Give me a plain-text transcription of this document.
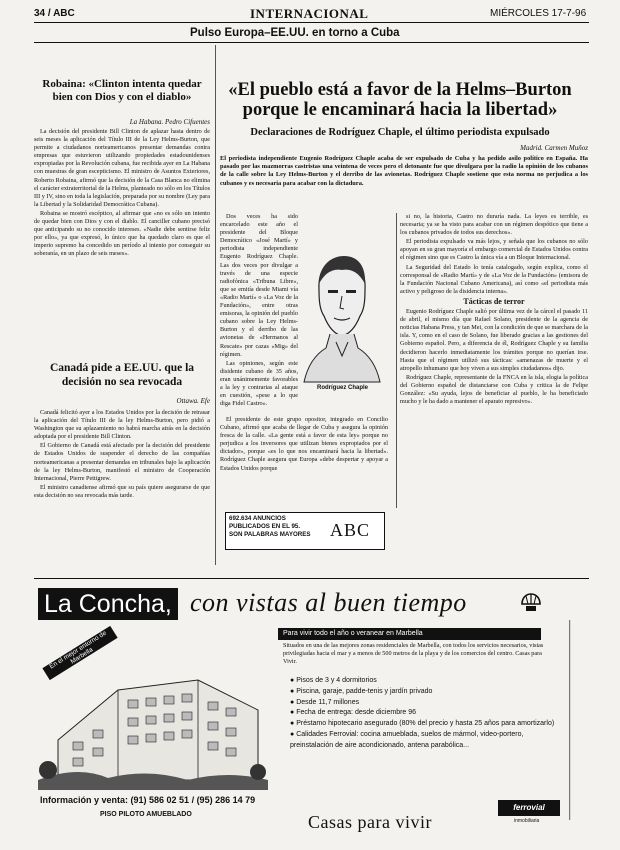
34 / ABC	INTERNACIONAL	MIÉRCOLES 17-7-96
Pulso Europa–EE.UU. en torno a Cuba
Robaina: «Clinton intenta quedar bien con Dios y con el diablo»
La Habana. Pedro Cifuentes

La decisión del presidente Bill Clinton de aplazar hasta dentro de seis meses la aplicación del Título III de la Ley Helms-Burton, que permite a ciudadanos norteamericanos presentar demandas contra empresas que estuvieron utilizando propiedades estadounidenses expropiadas por la Revolución cubana, fue recibida ayer en La Habana con muestras de gran escepticismo. El ministro de Asuntos Exteriores, Roberto Robaina, afirmó que la decisión de la Casa Blanca no elimina el carácter extraterritorial de la Helms, planteado no sólo en los Títulos III y IV, sino en toda la legislación, preparada por su nombre (Ley para la Libertad y la Solidaridad Democrática Cubana).

Robaina se mostró escéptico, al afirmar que «no es sólo un intento de quedar bien con Dios y con el diablo. El canciller cubano precisó que anticipando su no conocido intereses. «Nadie debe sentirse feliz por ello», ya que expresó, lo único que ha quedado claro es que el imperio supremo ha concedido un período al intento por conseguir su soberanía, en un plazo de seis meses».

Canadá pide a EE.UU. que la decisión no sea revocada
Ottawa. Efe

Canadá felicitó ayer a los Estados Unidos por la decisión de retrasar la aplicación del Título III de la ley Helms-Burton, pero pidió a Washington que su aplazamiento no habrá marcha atrás en la decisión adoptada por el presidente Bill Clinton.

El Gobierno de Canadá está afectado por la decisión del presidente de Estados Unidos de suspender el derecho de las compañías norteamericanas a presentar demandas en tribunales bajo la aplicación de la ley Helms-Burton, manifestó el ministro de Cooperación Internacional, Pierre Pettigrew.

El ministro canadiense afirmó que su país quiere asegurarse de que esta decisión no sea revocada más tarde.

«El pueblo está a favor de la Helms–Burton porque le encaminará hacia la libertad»
Declaraciones de Rodríguez Chaple, el último periodista expulsado
Madrid. Carmen Muñoz
El periodista independiente Eugenio Rodríguez Chaple acaba de ser expulsado de Cuba y ha pedido asilo político en España. Ha pasado por las mazmorras castristas una veintena de veces pero el detonante fue que divulgara por la radio la opinión de los cubanos de la calle sobre la Ley Helms-Burton y el derribo de las avionetas. Rodríguez Chaple sostiene que esta norma no perjudica a los cubanos y es necesaria para acabar con la dictadura.

Dos veces ha sido encarcelado este año el presidente del Bloque Democrático «José Martí» y periodista independiente Eugenio Rodríguez Chaple. Las dos veces por divulgar a través de una especie radiofónica «Tribuna Libre», que se emitía desde Miami vía «Radio Martí» o «La Voz de la Fundación», entre otras emisoras, la opinión del pueblo cubano sobre la Ley Helms-Burton y el derribo de las avionetas de «Hermanos al Rescate» por cazas «Mig» del régimen.

Las opiniones, según este disidente cubano de 35 años, eran unánimemente favorables a la ley y contrarias al ataque en cuestión, «pese a lo que diga Fidel Castro».

El presidente de este grupo opositor, integrado en Concilio Cubano, afirmó que acaba de llegar de Cuba y asegura la opinión fresca de la calle. «La gente está a favor de esta ley» porque no perjudica a los inversores que utilizan bienes expropiados por el dictador», porque «es lo que nos encaminará hacia la libertad». Rodríguez Chaple asegura que Europa «debe despertar y apoyar a Estados Unidos porque

Rodríguez Chaple

si no, la historia, Castro no duraría nada. La leyes es terrible, es necesaria; ya se ha visto para acabar con un régimen despótico que tiene a los cubanos privados de todos sus derechos».

El periodista expulsado va más lejos, y señala que los cubanos no sólo apoyan en su gran mayoría el embargo comercial de Estados Unidos contra el régimen sino que es Castro la única vía a un Bloque Internacional.

La Seguridad del Estado lo tenía catalogado, según explica, como el corresponsal de «Radio Martí» y de «La Voz de la Fundación» (emisora de la Fundación Nacional Cubano Americana), así como «el periodista más activo y peligroso de la disidencia interna».

Tácticas de terror

Eugenio Rodríguez Chaple salió por última vez de la cárcel el pasado 11 de abril, el mismo día que Rafael Solano, presidente de la agencia de noticias Habana Press, y tan Mei, con la condición de que se marchara de la isla. Y, como en el caso de Solano, fue liberado gracias a las gestiones del Gobierno español. Pero, a diferencia de él, Rodríguez Chaple y su familia decidieron hacerlo inmediatamente los trámites porque no querían irse. Hasta que el régimen utilizó sus tácticas: «amenazas de muerte y el atropello inhumano que hoy viven a sus simples ciudadanos» dijo.

Rodríguez Chaple, representante de la FNCA en la isla, elogia la política del Gobierno español de distanciarse con Cuba y critica la de Felipe González: «Su ayuda, lejos de beneficiar al pueblo, le ha beneficiado mucho y le ha dado a mantener el aparato represivo».

692.634 ANUNCIOS
PUBLICADOS EN EL 95.
SON PALABRAS MAYORES	ABC
La Concha, con vistas al buen tiempo
En el mejor entorno de Marbella
Para vivir todo el año o veranear en Marbella
Situados en una de las mejores zonas residenciales de Marbella, con todos los servicios necesarios, vistas privilegiadas hacia el mar y a menos de 500 metros de la playa y de los comercios del centro. Casas para Vivir.
● Pisos de 3 y 4 dormitorios
● Piscina, garaje, padde-tenis y jardín privado
● Desde 11,7 millones
● Fecha de entrega: desde diciembre 96
● Préstamo hipotecario asegurado (80% del precio y hasta 25 años para amortizarlo)
● Calidades Ferrovial: cocina amueblada, suelos de mármol, video-portero, preinstalación de aire acondicionado, antena parabólica...
Información y venta: (91) 586 02 51 / (95) 286 14 79
PISO PILOTO AMUEBLADO	Casas para vivir
ferrovial
inmobiliaria
